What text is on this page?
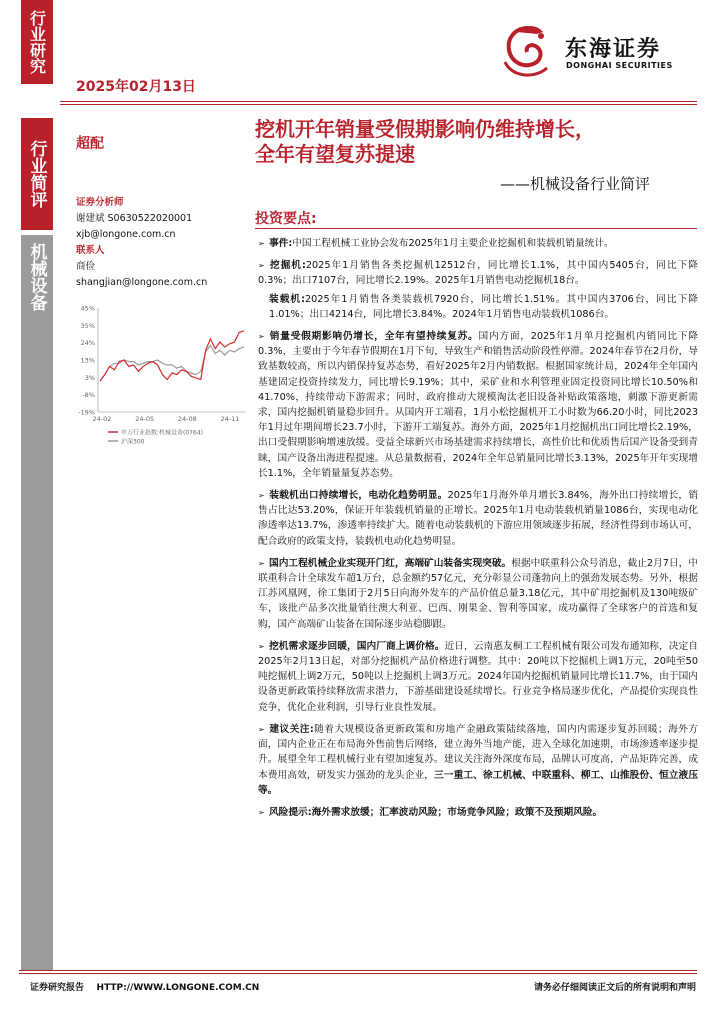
行业研究
行业简评
机械设备
2025年02月13日
东海证券
DONGHAI SECURITIES
超配
挖机开年销量受假期影响仍维持增长，
全年有望复苏提速
——机械设备行业简评
证券分析师
谢建斌 S0630522020001
xjb@longone.com.cn
联系人
商俭
shangjian@longone.com.cn
45%
35%
24%
13%
3%
-8%
-19%
24-02	24-05	24-08	24-11
申万行业指数:机械设备(0764)
沪深300
投资要点:

➢ 事件:中国工程机械工业协会发布2025年1月主要企业挖掘机和装载机销量统计。

➢ 挖掘机:2025年1月销售各类挖掘机12512台，同比增长1.1%，其中国内5405台，同比下降0.3%；出口7107台，同比增长2.19%。2025年1月销售电动挖掘机18台。

装载机:2025年1月销售各类装载机7920台，同比增长1.51%。其中国内3706台，同比下降1.01%；出口4214台，同比增长3.84%。2024年1月销售电动装载机1086台。

➢ 销量受假期影响仍增长，全年有望持续复苏。国内方面，2025年1月单月挖掘机内销同比下降0.3%，主要由于今年春节假期在1月下旬，导致生产和销售活动阶段性停滞。2024年春节在2月份，导致基数较高，所以内销保持复苏态势，看好2025年2月内销数据。根据国家统计局，2024年全年国内基建固定投资持续发力，同比增长9.19%；其中，采矿业和水利管理业固定投资同比增长10.50%和41.70%，持续带动下游需求；同时，政府推动大规模淘汰老旧设备补贴政策落地，刺激下游更新需求，国内挖掘机销量稳步回升。从国内开工端看，1月小松挖掘机开工小时数为66.20小时，同比2023年1月过年期间增长23.7小时，下游开工端复苏。海外方面，2025年1月挖掘机出口同比增长2.19%，出口受假期影响增速放缓。受益全球新兴市场基建需求持续增长，高性价比和优质售后国产设备受到青睐，国产设备出海进程提速。从总量数据看，2024年全年总销量同比增长3.13%，2025年开年实现增长1.1%，全年销量量复苏态势。

➢ 装载机出口持续增长，电动化趋势明显。2025年1月海外单月增长3.84%，海外出口持续增长，销售占比达53.20%，保证开年装载机销量的正增长。2025年1月电动装载机销量1086台，实现电动化渗透率达13.7%，渗透率持续扩大。随着电动装载机的下游应用领域逐步拓展，经济性得到市场认可，配合政府的政策支持，装载机电动化趋势明显。

➢ 国内工程机械企业实现开门红，高端矿山装备实现突破。根据中联重科公众号消息，截止2月7日，中联重科合计全球发车超1万台，总金额约57亿元，充分彰显公司蓬勃向上的强劲发展态势。另外，根据江苏风凰网，徐工集团于2月5日向海外发车的产品价值总量3.18亿元，其中矿用挖掘机及130吨级矿车，该批产品多次批量销往澳大利亚、巴西、刚果金、智利等国家，成功赢得了全球客户的首选和复购，国产高端矿山装备在国际逐步站稳脚跟。

➢ 挖机需求逐步回暖，国内厂商上调价格。近日，云南惠友桐工工程机械有限公司发布通知称，决定自2025年2月13日起，对部分挖掘机产品价格进行调整。其中：20吨以下挖掘机上调1万元，20吨至50吨挖掘机上调2万元，50吨以上挖掘机上调3万元。2024年国内挖掘机销量同比增长11.7%，由于国内设备更新政策持续释放需求潜力，下游基础建设延续增长。行业竞争格局逐步优化，产品提价实现良性竞争，优化企业利润，引导行业良性发展。

➢ 建议关注:随着大规模设备更新政策和房地产金融政策陆续落地，国内内需逐步复苏回暖；海外方面，国内企业正在布局海外售前售后网络，建立海外当地产能，进入全球化加速期，市场渗透率逐步提升。展望全年工程机械行业有望加速复苏。建议关注海外深度布局，品牌认可度高，产品矩阵完善，成本费用高效，研发实力强劲的龙头企业，三一重工、徐工机械、中联重科、柳工、山推股份、恒立液压等。

➢ 风险提示:海外需求放缓；汇率波动风险；市场竞争风险；政策不及预期风险。

证券研究报告    HTTP://WWW.LONGONE.COM.CN	请务必仔细阅读正文后的所有说明和声明
